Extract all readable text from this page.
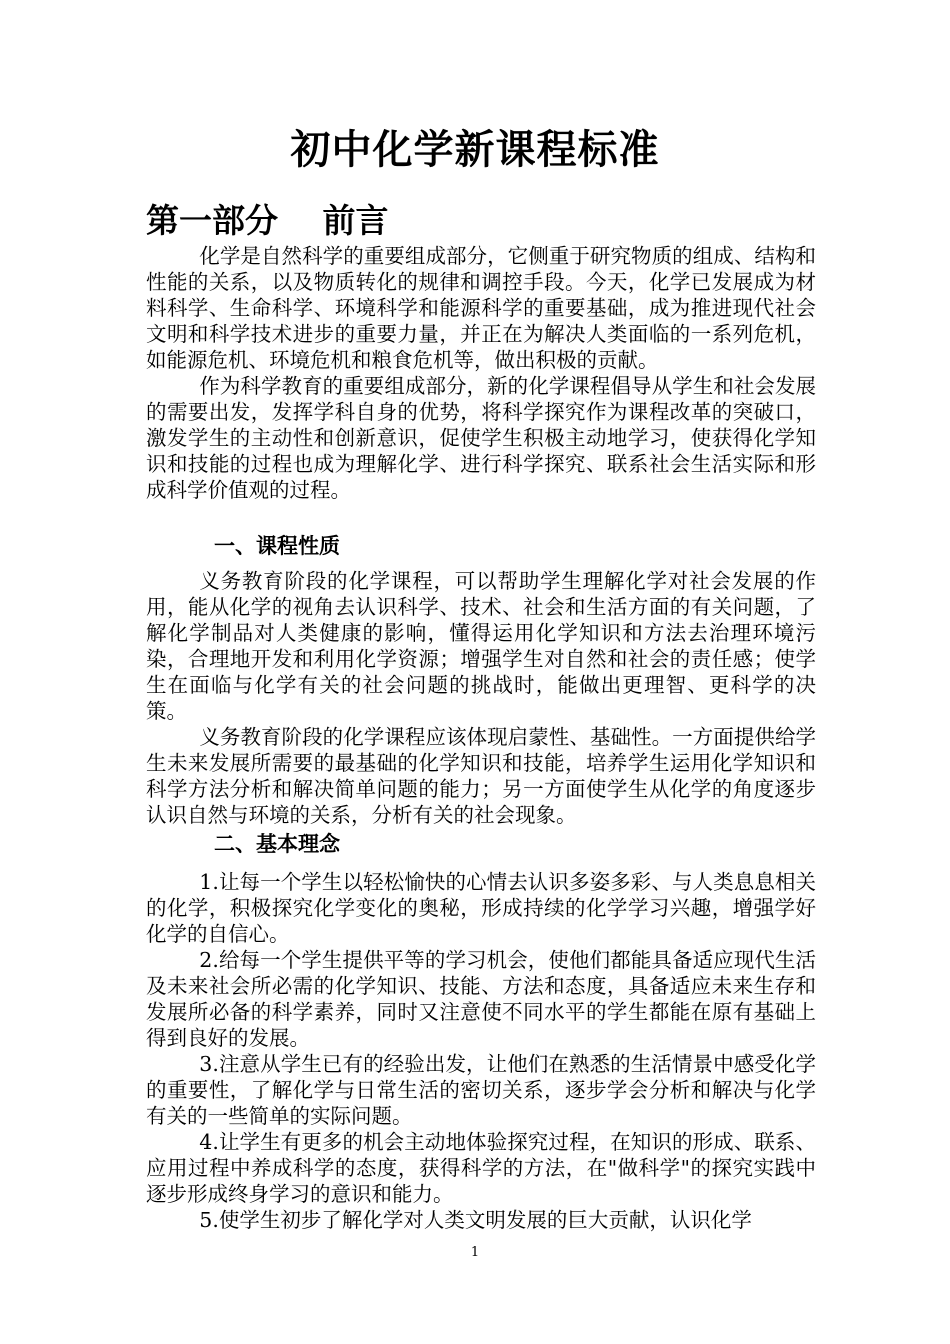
初中化学新课程标准
第一部分　 前言

化学是自然科学的重要组成部分，它侧重于研究物质的组成、结构和性能的关系，以及物质转化的规律和调控手段。今天，化学已发展成为材料科学、生命科学、环境科学和能源科学的重要基础，成为推进现代社会文明和科学技术进步的重要力量，并正在为解决人类面临的一系列危机，如能源危机、环境危机和粮食危机等，做出积极的贡献。

作为科学教育的重要组成部分，新的化学课程倡导从学生和社会发展的需要出发，发挥学科自身的优势，将科学探究作为课程改革的突破口，激发学生的主动性和创新意识，促使学生积极主动地学习，使获得化学知识和技能的过程也成为理解化学、进行科学探究、联系社会生活实际和形成科学价值观的过程。

一、课程性质

义务教育阶段的化学课程，可以帮助学生理解化学对社会发展的作用，能从化学的视角去认识科学、技术、社会和生活方面的有关问题，了解化学制品对人类健康的影响，懂得运用化学知识和方法去治理环境污染，合理地开发和利用化学资源；增强学生对自然和社会的责任感；使学生在面临与化学有关的社会问题的挑战时，能做出更理智、更科学的决策。

义务教育阶段的化学课程应该体现启蒙性、基础性。一方面提供给学生未来发展所需要的最基础的化学知识和技能，培养学生运用化学知识和科学方法分析和解决简单问题的能力；另一方面使学生从化学的角度逐步认识自然与环境的关系，分析有关的社会现象。

二、基本理念

1.让每一个学生以轻松愉快的心情去认识多姿多彩、与人类息息相关的化学，积极探究化学变化的奥秘，形成持续的化学学习兴趣，增强学好化学的自信心。

2.给每一个学生提供平等的学习机会，使他们都能具备适应现代生活及未来社会所必需的化学知识、技能、方法和态度，具备适应未来生存和发展所必备的科学素养，同时又注意使不同水平的学生都能在原有基础上得到良好的发展。

3.注意从学生已有的经验出发，让他们在熟悉的生活情景中感受化学的重要性，了解化学与日常生活的密切关系，逐步学会分析和解决与化学有关的一些简单的实际问题。

4.让学生有更多的机会主动地体验探究过程，在知识的形成、联系、应用过程中养成科学的态度，获得科学的方法，在"做科学"的探究实践中逐步形成终身学习的意识和能力。

5.使学生初步了解化学对人类文明发展的巨大贡献，认识化学

1
